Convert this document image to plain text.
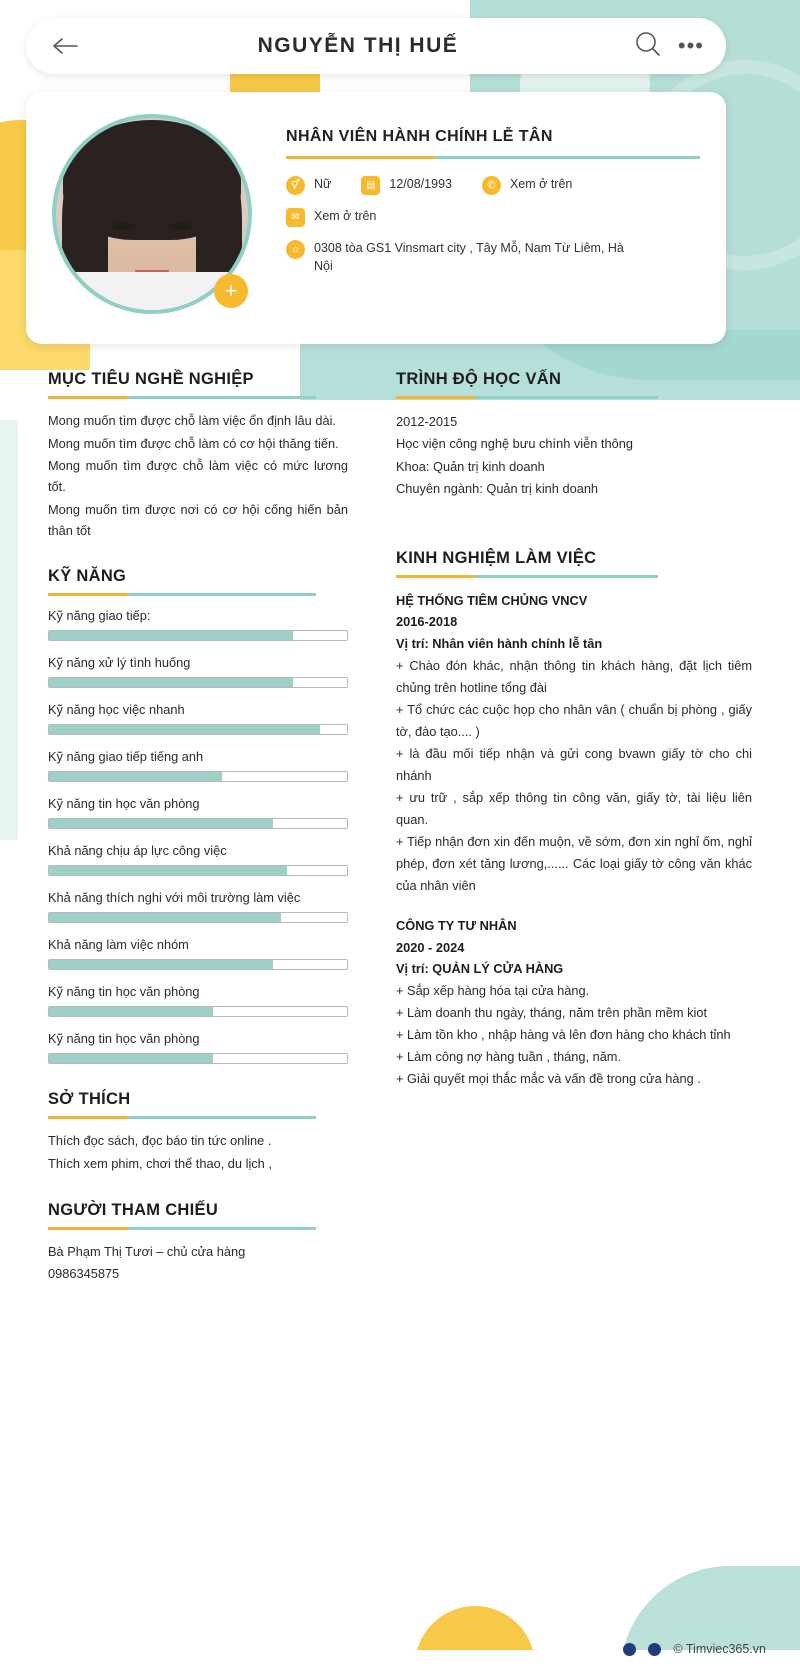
NGUYỄN THỊ HUẾ	•••
+
NHÂN VIÊN HÀNH CHÍNH LỄ TÂN
⚥	Nữ	▤	12/08/1993	✆	Xem ở trên
✉	Xem ở trên
⌂	0308 tòa GS1 Vinsmart city , Tây Mỗ, Nam Từ Liêm, Hà Nội
MỤC TIÊU NGHỀ NGHIỆP

Mong muốn tìm được chỗ làm việc ổn định lâu dài.

Mong muốn tìm được chỗ làm có cơ hội thăng tiến.

Mong muốn tìm được chỗ làm việc có mức lương tốt.

Mong muốn tìm được nơi có cơ hội cống hiến bản thân tốt

KỸ NĂNG
Kỹ năng giao tiếp:
Kỹ năng xử lý tình huống
Kỹ năng học việc nhanh
Kỹ năng giao tiếp tiếng anh
Kỹ năng tin học văn phòng
Khả năng chịu áp lực công việc
Khả năng thích nghi với môi trường làm việc
Khả năng làm việc nhóm
Kỹ năng tin học văn phòng
Kỹ năng tin học văn phòng
SỞ THÍCH

Thích đọc sách, đọc báo tin tức online .

Thích xem phim, chơi thể thao, du lịch ,

NGƯỜI THAM CHIẾU

Bà Phạm Thị Tươi – chủ cửa hàng

0986345875

TRÌNH ĐỘ HỌC VẤN
2012-2015
Học viện công nghệ bưu chính viễn thông
Khoa: Quản trị kinh doanh
Chuyên ngành: Quản trị kinh doanh
KINH NGHIỆM LÀM VIỆC
HỆ THỐNG TIÊM CHỦNG VNCV
2016-2018
Vị trí: Nhân viên hành chính lễ tân
+ Chào đón khác, nhận thông tin khách hàng, đặt lịch tiêm chủng trên hotline tổng đài
+ Tổ chức các cuộc họp cho nhân vân ( chuẩn bị phòng , giấy tờ, đào tạo.... )
+ là đầu mối tiếp nhận và gửi cong bvawn giấy tờ cho chi nhánh
+ ưu trữ , sắp xếp thông tin công văn, giấy tờ, tài liệu liên quan.
+ Tiếp nhận đơn xin đến muộn, về sớm, đơn xin nghỉ ốm, nghỉ phép, đơn xét tăng lương,...... Các loại giấy tờ công văn khác của nhân viên
CÔNG TY TƯ NHÂN
2020 - 2024
Vị trí: QUẢN LÝ CỬA HÀNG
+ Sắp xếp hàng hóa tại cửa hàng.
+ Làm doanh thu ngày, tháng, năm trên phần mềm kiot
+ Làm tồn kho , nhập hàng và lên đơn hàng cho khách tỉnh
+ Làm công nợ hàng tuần , tháng, năm.
+ Giải quyết mọi thắc mắc và vấn đề trong cửa hàng .
© Timviec365.vn
